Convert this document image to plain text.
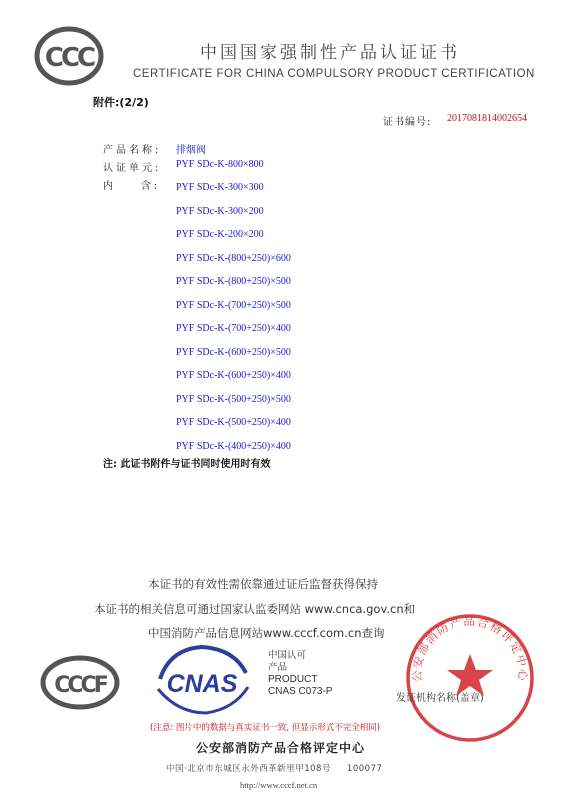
CCC	中国国家强制性产品认证证书
CERTIFICATE FOR CHINA COMPULSORY PRODUCT CERTIFICATION
附件:(2/2)
证书编号: 2017081814002654
产品名称: 排烟阀
认证单元: PYF SDc-K-800×800
内    含: PYF SDc-K-300×300
PYF SDc-K-300×200
PYF SDc-K-200×200
PYF SDc-K-(800+250)×600
PYF SDc-K-(800+250)×500
PYF SDc-K-(700+250)×500
PYF SDc-K-(700+250)×400
PYF SDc-K-(600+250)×500
PYF SDc-K-(600+250)×400
PYF SDc-K-(500+250)×500
PYF SDc-K-(500+250)×400
PYF SDc-K-(400+250)×400
注: 此证书附件与证书同时使用时有效
本证书的有效性需依靠通过证后监督获得保持
本证书的相关信息可通过国家认监委网站 www.cnca.gov.cn和
中国消防产品信息网站www.cccf.com.cn查询
CCCF CNAS
中国认可
产品
PRODUCT
CNAS C073-P
公安部消防产品合格评定中心
发证机构名称(盖章)
(注意: 图片中的数据与真实证书一致, 但显示形式不完全相同)
公安部消防产品合格评定中心
中国·北京市东城区永外西革新里甲108号     100077
http://www.cccf.net.cn
